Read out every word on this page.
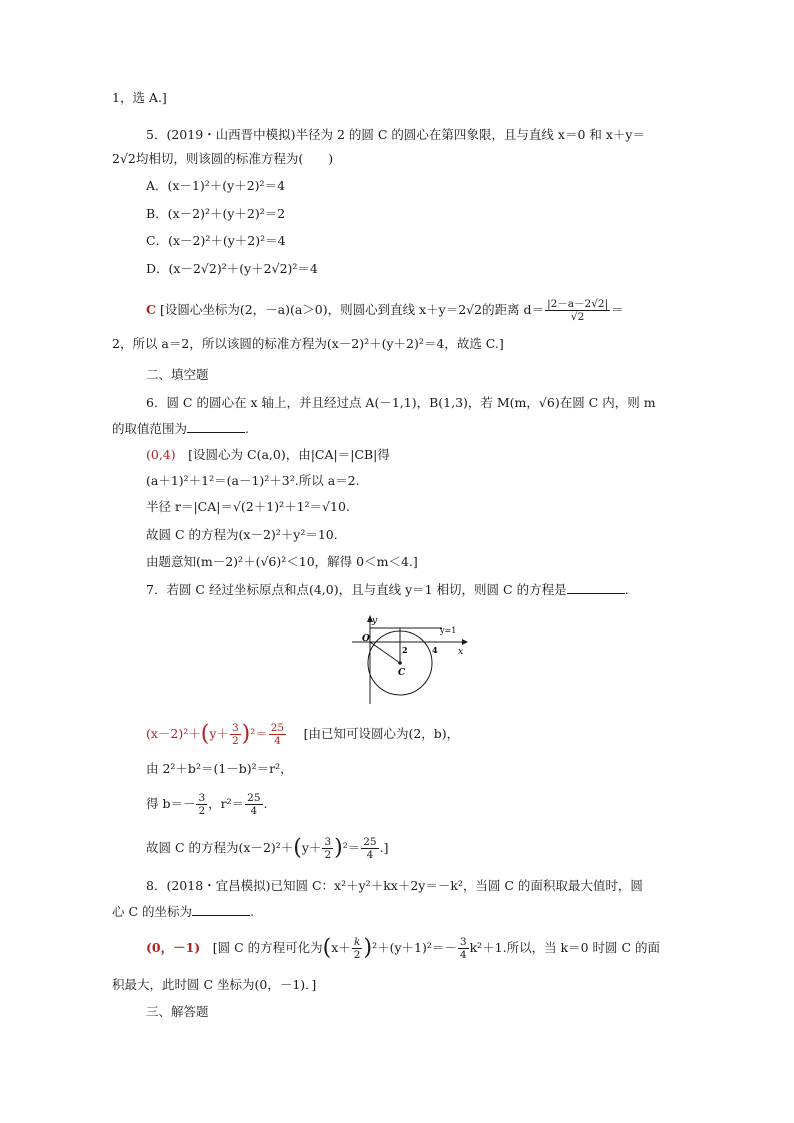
1，选 A.]
5．(2019・山西晋中模拟)半径为 2 的圆 C 的圆心在第四象限，且与直线 x＝0 和 x＋y＝
2√2均相切，则该圆的标准方程为(　　)
A．(x－1)²＋(y＋2)²＝4
B．(x－2)²＋(y＋2)²＝2
C．(x－2)²＋(y＋2)²＝4
D．(x－2√2)²＋(y＋2√2)²＝4
C [设圆心坐标为(2，－a)(a＞0)，则圆心到直线 x＋y＝2√2的距离 $d= \frac{|2-a-2√2|}{√2}$ ＝
2，所以 a＝2，所以该圆的标准方程为(x－2)²＋(y＋2)²＝4，故选 C.]
二、填空题
6．圆 C 的圆心在 x 轴上，并且经过点 A(－1,1)，B(1,3)，若 M(m，√6)在圆 C 内，则 m
的取值范围为	.
(0,4)　 [设圆心为 C(a,0)，由|CA|＝|CB|得
(a＋1)²＋1²＝(a－1)²＋3².所以 a＝2.
半径 r＝|CA|＝√(2＋1)²＋1²＝√10.
故圆 C 的方程为(x－2)²＋y²＝10.
由题意知(m－2)²＋(√6)²＜10，解得 0＜m＜4.]
7．若圆 C 经过坐标原点和点(4,0)，且与直线 y＝1 相切，则圆 C 的方程是	.
y
x
O
y=1
2	4
C
$(x-2)^2+(y+ \frac{3}{2} )^2= \frac{25}{4}$
　 [由已知可设圆心为(2，b)，
由 2²＋b²＝(1－b)²＝r²，
得 $b=- \frac{3}{2}$ ，$r^2= \frac{25}{4}$ .
故圆 C 的方程为$(x-2)^2+(y+ \frac{3}{2} )^2= \frac{25}{4}$ .]
8．(2018・宜昌模拟)已知圆 C：x²＋y²＋kx＋2y＝－k²，当圆 C 的面积取最大值时，圆
心 C 的坐标为	.
(0，－1)　 [圆 C 的方程可化为$(x+ \frac{k}{2} )^2+(y+1)^2=- \frac{3}{4} k^2+1$.所以，当 k＝0 时圆 C 的面
积最大，此时圆 C 坐标为(0，－1)．]
三、解答题
